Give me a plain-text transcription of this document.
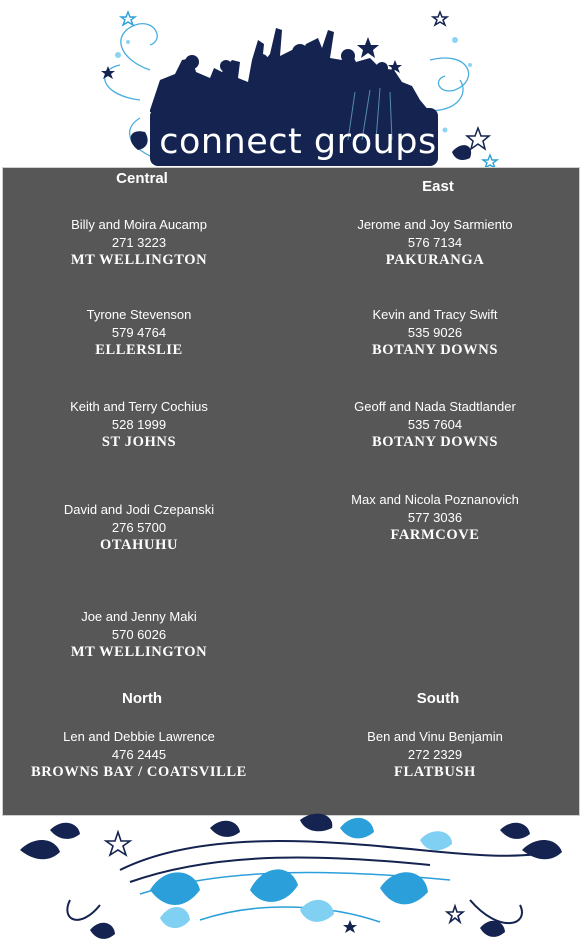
connect groups
Central
Billy and Moira Aucamp
271 3223
MT WELLINGTON
Tyrone Stevenson
579 4764
ELLERSLIE
Keith and Terry Cochius
528 1999
ST JOHNS
David and Jodi Czepanski
276 5700
OTAHUHU
Joe and Jenny Maki
570 6026
MT WELLINGTON
East
Jerome and Joy Sarmiento
576 7134
PAKURANGA
Kevin and Tracy Swift
535 9026
BOTANY DOWNS
Geoff and Nada Stadtlander
535 7604
BOTANY DOWNS
Max and Nicola Poznanovich
577 3036
FARMCOVE
North
Len and Debbie Lawrence
476 2445
BROWNS BAY / COATSVILLE
South
Ben and Vinu Benjamin
272 2329
FLATBUSH
